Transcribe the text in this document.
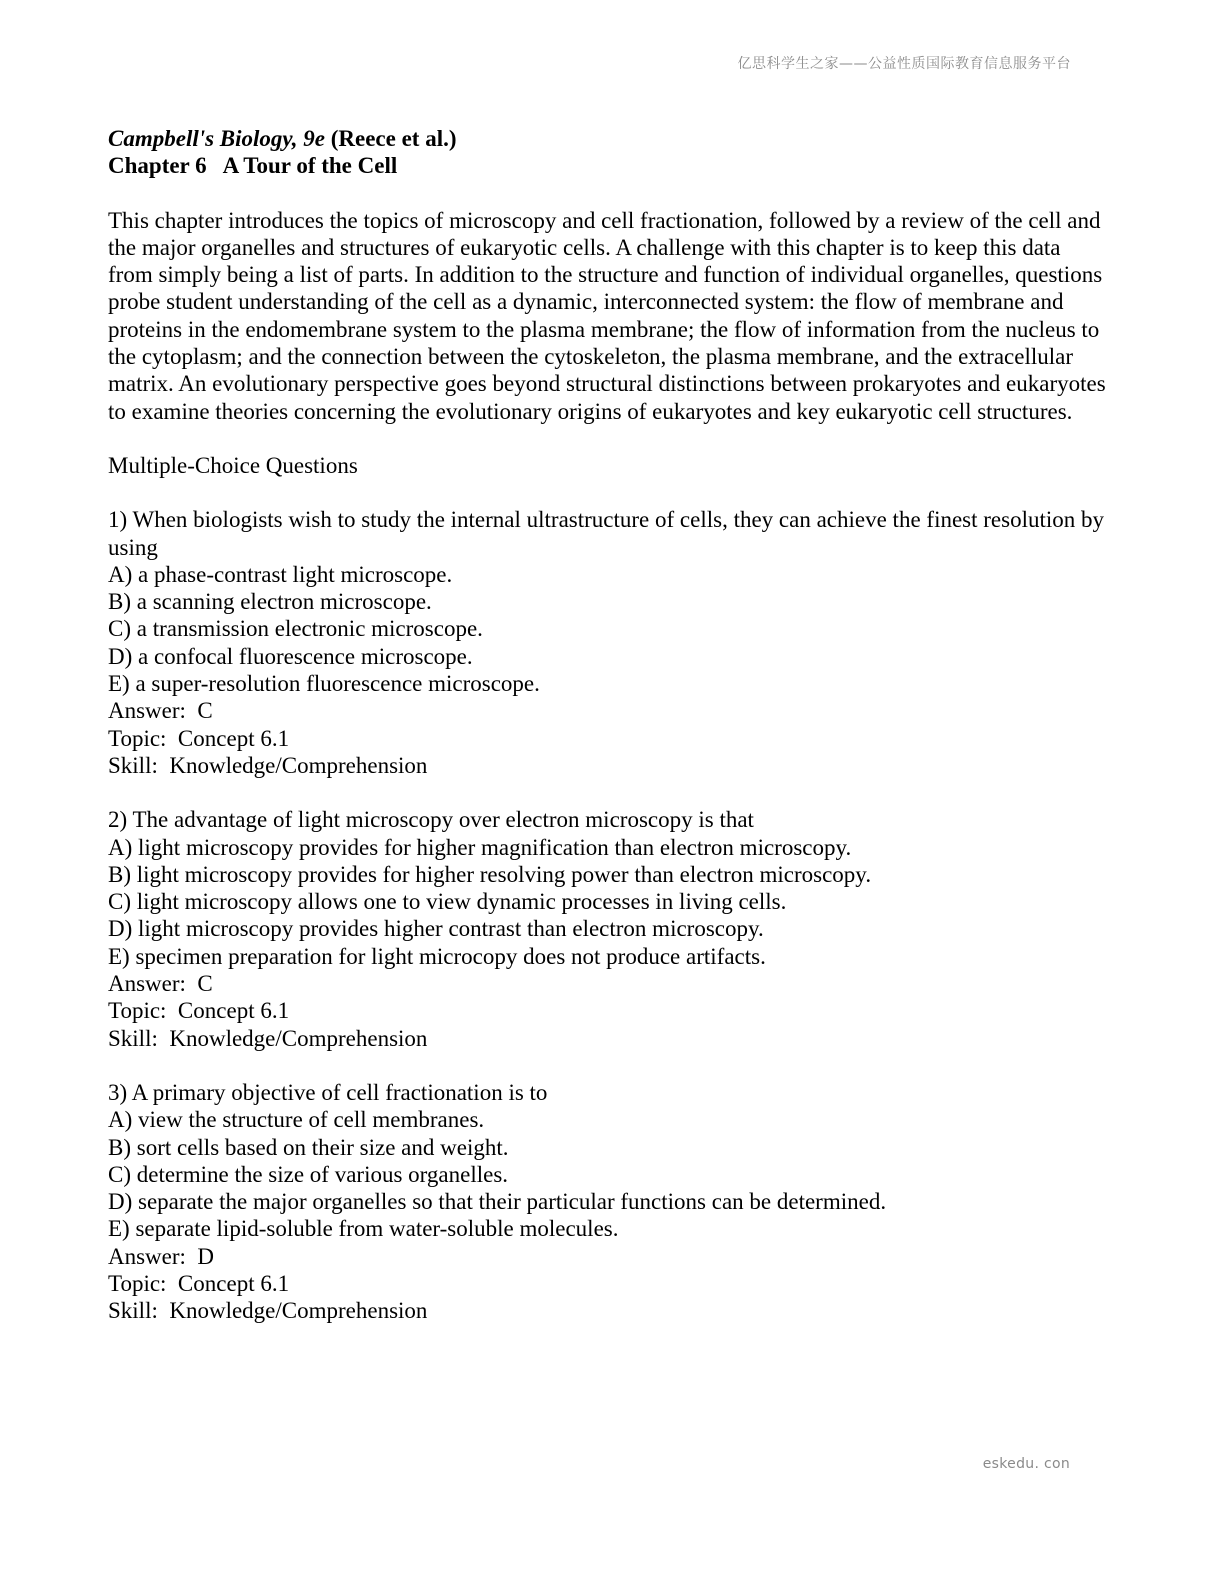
亿思科学生之家——公益性质国际教育信息服务平台
Campbell's Biology, 9e (Reece et al.)
Chapter 6   A Tour of the Cell

This chapter introduces the topics of microscopy and cell fractionation, followed by a review of the cell and the major organelles and structures of eukaryotic cells. A challenge with this chapter is to keep this data from simply being a list of parts. In addition to the structure and function of individual organelles, questions probe student understanding of the cell as a dynamic, interconnected system: the flow of membrane and proteins in the endomembrane system to the plasma membrane; the flow of information from the nucleus to the cytoplasm; and the connection between the cytoskeleton, the plasma membrane, and the extracellular matrix. An evolutionary perspective goes beyond structural distinctions between prokaryotes and eukaryotes to examine theories concerning the evolutionary origins of eukaryotes and key eukaryotic cell structures.

Multiple-Choice Questions

1) When biologists wish to study the internal ultrastructure of cells, they can achieve the finest resolution by using

A) a phase-contrast light microscope.
B) a scanning electron microscope.
C) a transmission electronic microscope.
D) a confocal fluorescence microscope.
E) a super-resolution fluorescence microscope.
Answer:  C
Topic:  Concept 6.1
Skill:  Knowledge/Comprehension

2) The advantage of light microscopy over electron microscopy is that

A) light microscopy provides for higher magnification than electron microscopy.
B) light microscopy provides for higher resolving power than electron microscopy.
C) light microscopy allows one to view dynamic processes in living cells.
D) light microscopy provides higher contrast than electron microscopy.
E) specimen preparation for light microcopy does not produce artifacts.
Answer:  C
Topic:  Concept 6.1
Skill:  Knowledge/Comprehension

3) A primary objective of cell fractionation is to

A) view the structure of cell membranes.
B) sort cells based on their size and weight.
C) determine the size of various organelles.
D) separate the major organelles so that their particular functions can be determined.
E) separate lipid-soluble from water-soluble molecules.
Answer:  D
Topic:  Concept 6.1
Skill:  Knowledge/Comprehension
eskedu. con
